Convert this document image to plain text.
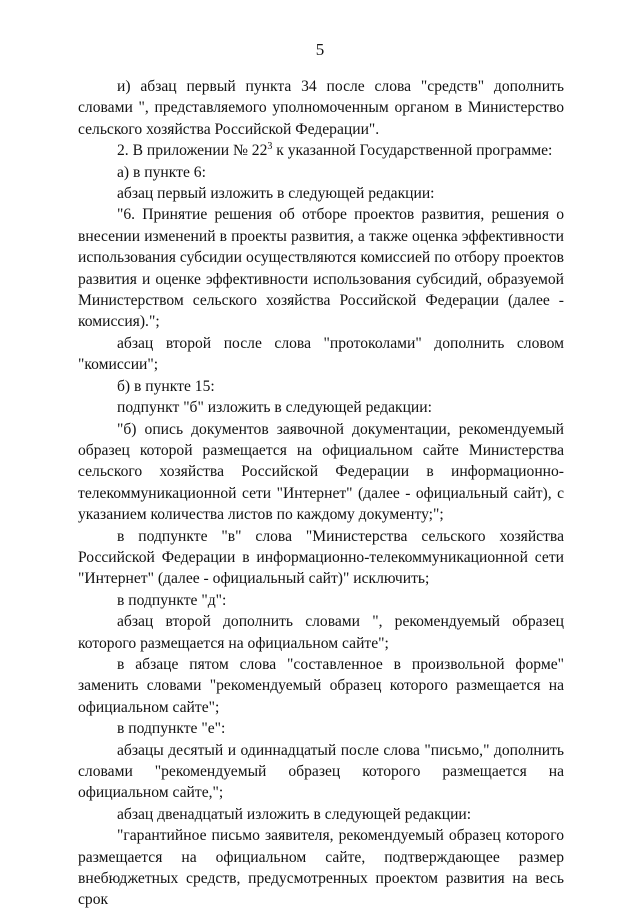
5

и) абзац первый пункта 34 после слова "средств" дополнить словами ", представляемого уполномоченным органом в Министерство сельского хозяйства Российской Федерации".

2. В приложении № $22^3$ к указанной Государственной программе:

а) в пункте 6:

абзац первый изложить в следующей редакции:

"6. Принятие решения об отборе проектов развития, решения о внесении изменений в проекты развития, а также оценка эффективности использования субсидии осуществляются комиссией по отбору проектов развития и оценке эффективности использования субсидий, образуемой Министерством сельского хозяйства Российской Федерации (далее - комиссия).";

абзац второй после слова "протоколами" дополнить словом "комиссии";

б) в пункте 15:

подпункт "б" изложить в следующей редакции:

"б) опись документов заявочной документации, рекомендуемый образец которой размещается на официальном сайте Министерства сельского хозяйства Российской Федерации в информационно-телекоммуникационной сети "Интернет" (далее - официальный сайт), с указанием количества листов по каждому документу;";

в подпункте "в" слова "Министерства сельского хозяйства Российской Федерации в информационно-телекоммуникационной сети "Интернет" (далее - официальный сайт)" исключить;

в подпункте "д":

абзац второй дополнить словами ", рекомендуемый образец которого размещается на официальном сайте";

в абзаце пятом слова "составленное в произвольной форме" заменить словами "рекомендуемый образец которого размещается на официальном сайте";

в подпункте "е":

абзацы десятый и одиннадцатый после слова "письмо," дополнить словами "рекомендуемый образец которого размещается на официальном сайте,";

абзац двенадцатый изложить в следующей редакции:

"гарантийное письмо заявителя, рекомендуемый образец которого размещается на официальном сайте, подтверждающее размер внебюджетных средств, предусмотренных проектом развития на весь срок
